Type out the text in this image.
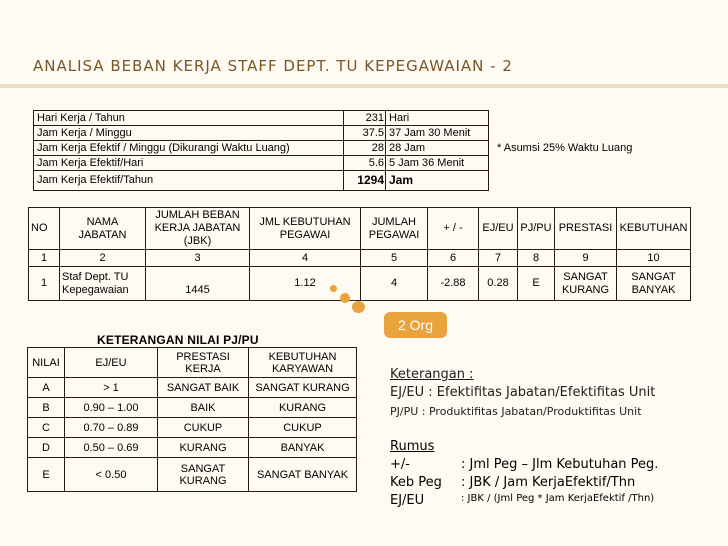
ANALISA BEBAN KERJA STAFF DEPT. TU KEPEGAWAIAN - 2
Hari Kerja / Tahun	231	Hari
Jam Kerja / Minggu	37.5	37 Jam 30 Menit
Jam Kerja Efektif / Minggu (Dikurangi Waktu Luang)	28	28 Jam
Jam Kerja Efektif/Hari	5.6	5 Jam 36 Menit
Jam Kerja Efektif/Tahun	1294	Jam
* Asumsi 25% Waktu Luang
NO	NAMA JABATAN	JUMLAH BEBAN KERJA JABATAN (JBK)	JML KEBUTUHAN PEGAWAI	JUMLAH PEGAWAI	+ / -	EJ/EU	PJ/PU	PRESTASI	KEBUTUHAN
1	2	3	4	5	6	7	8	9	10
1	Staf Dept. TU Kepegawaian	1445	1.12	4	-2.88	0.28	E	SANGAT KURANG	SANGAT BANYAK
2 Org
KETERANGAN NILAI PJ/PU
NILAI	EJ/EU	PRESTASI KERJA	KEBUTUHAN KARYAWAN
A	> 1	SANGAT BAIK	SANGAT KURANG
B	0.90 – 1.00	BAIK	KURANG
C	0.70 – 0.89	CUKUP	CUKUP
D	0.50 – 0.69	KURANG	BANYAK
E	< 0.50	SANGAT KURANG	SANGAT BANYAK
Keterangan :
EJ/EU : Efektifitas Jabatan/Efektifitas Unit
PJ/PU : Produktifitas Jabatan/Produktifitas Unit
Rumus
+/-	: Jml Peg – Jlm Kebutuhan Peg.
Keb Peg	: JBK / Jam KerjaEfektif/Thn
EJ/EU	: JBK / (Jml Peg * Jam KerjaEfektif /Thn)
